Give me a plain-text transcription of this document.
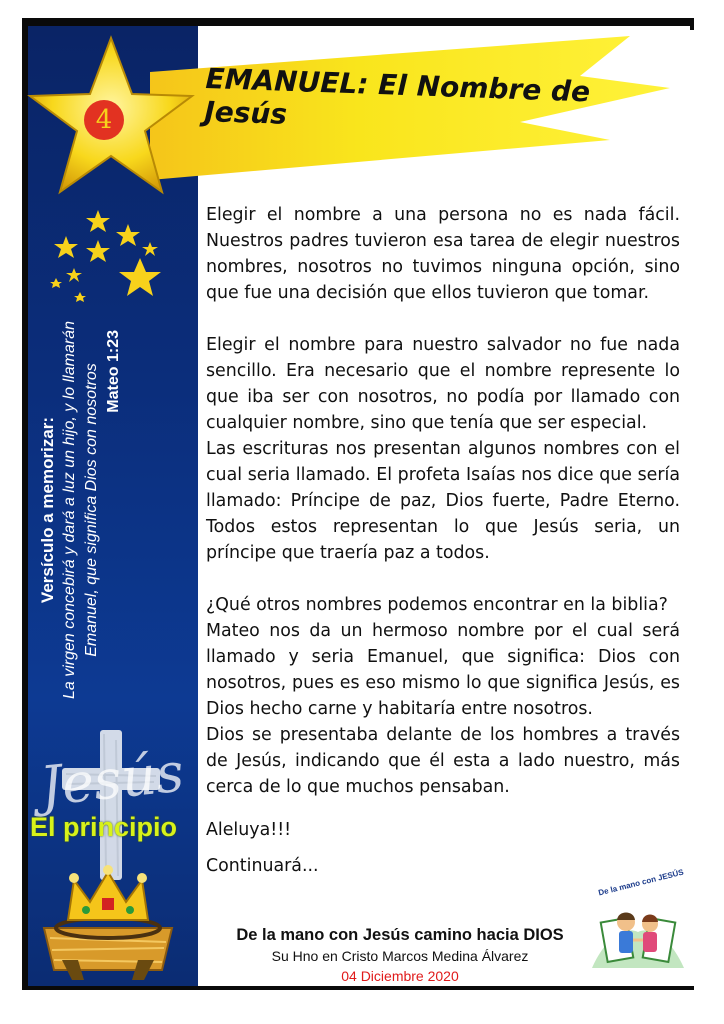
EMANUEL: El Nombre de Jesús
4
Versículo a memorizar: La virgen concebirá y dará a luz un hijo, y lo llamarán Emanuel, que significa Dios con nosotros Mateo 1:23
Jesús
El principio

Elegir el nombre a una persona no es nada fácil. Nuestros padres tuvieron esa tarea de elegir nuestros nombres, nosotros no tuvimos ninguna opción, sino que fue una decisión que ellos tuvieron que tomar.

Elegir el nombre para nuestro salvador no fue nada sencillo. Era necesario que el nombre represente lo que iba ser con nosotros, no podía por llamado con cualquier nombre, sino que tenía que ser especial.

Las escrituras nos presentan algunos nombres con el cual seria llamado. El profeta Isaías nos dice que sería llamado: Príncipe de paz, Dios fuerte, Padre Eterno. Todos estos representan lo que Jesús seria, un príncipe que traería paz a todos.

¿Qué otros nombres podemos encontrar en la biblia?

Mateo nos da un hermoso nombre por el cual será llamado y seria Emanuel, que significa: Dios con nosotros, pues es eso mismo lo que significa Jesús, es Dios hecho carne y habitaría entre nosotros.

Dios se presentaba delante de los hombres a través de Jesús, indicando que él esta a lado nuestro, más cerca de lo que muchos pensaban.

Aleluya!!!
Continuará...
De la mano con Jesús camino hacia DIOS
Su Hno en Cristo Marcos Medina Álvarez
04 Diciembre 2020
De la mano con JESÚS
